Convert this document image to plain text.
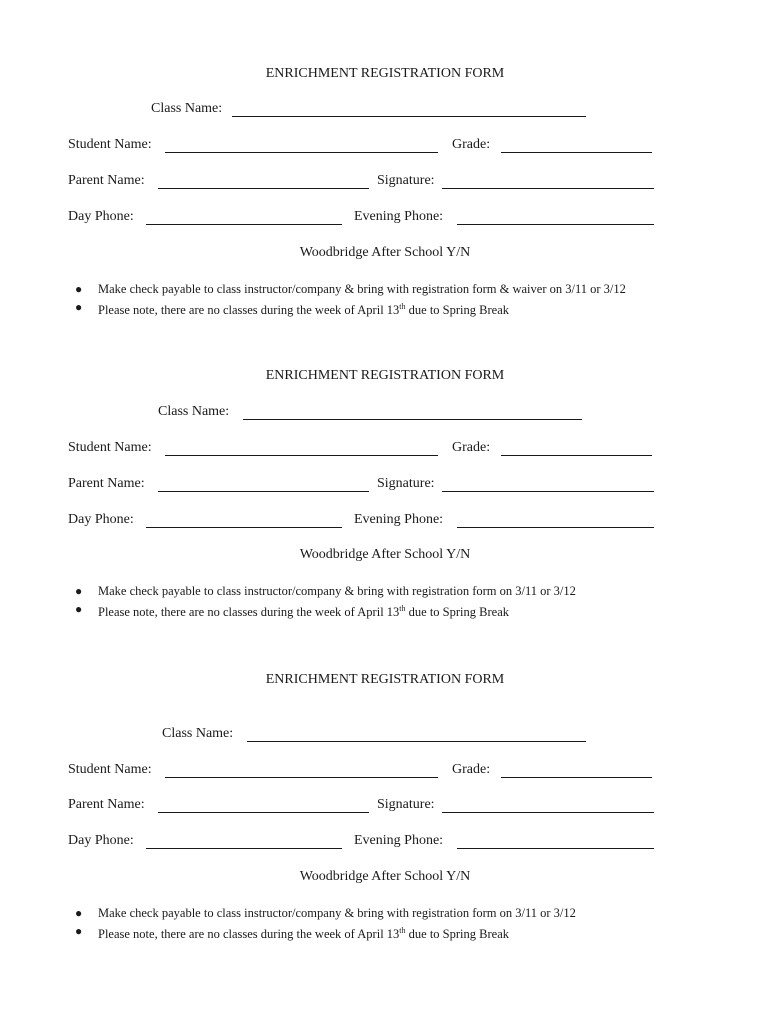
ENRICHMENT REGISTRATION FORM
Class Name:
Student Name:	Grade:
Parent Name:	Signature:
Day Phone:	Evening Phone:
Woodbridge After School Y/N
● Make check payable to class instructor/company & bring with registration form & waiver on 3/11 or 3/12
● Please note, there are no classes during the week of April 13th due to Spring Break
ENRICHMENT REGISTRATION FORM
Class Name:
Student Name:	Grade:
Parent Name:	Signature:
Day Phone:	Evening Phone:
Woodbridge After School Y/N
● Make check payable to class instructor/company & bring with registration form on 3/11 or 3/12
● Please note, there are no classes during the week of April 13th due to Spring Break
ENRICHMENT REGISTRATION FORM
Class Name:
Student Name:	Grade:
Parent Name:	Signature:
Day Phone:	Evening Phone:
Woodbridge After School Y/N
● Make check payable to class instructor/company & bring with registration form on 3/11 or 3/12
● Please note, there are no classes during the week of April 13th due to Spring Break
